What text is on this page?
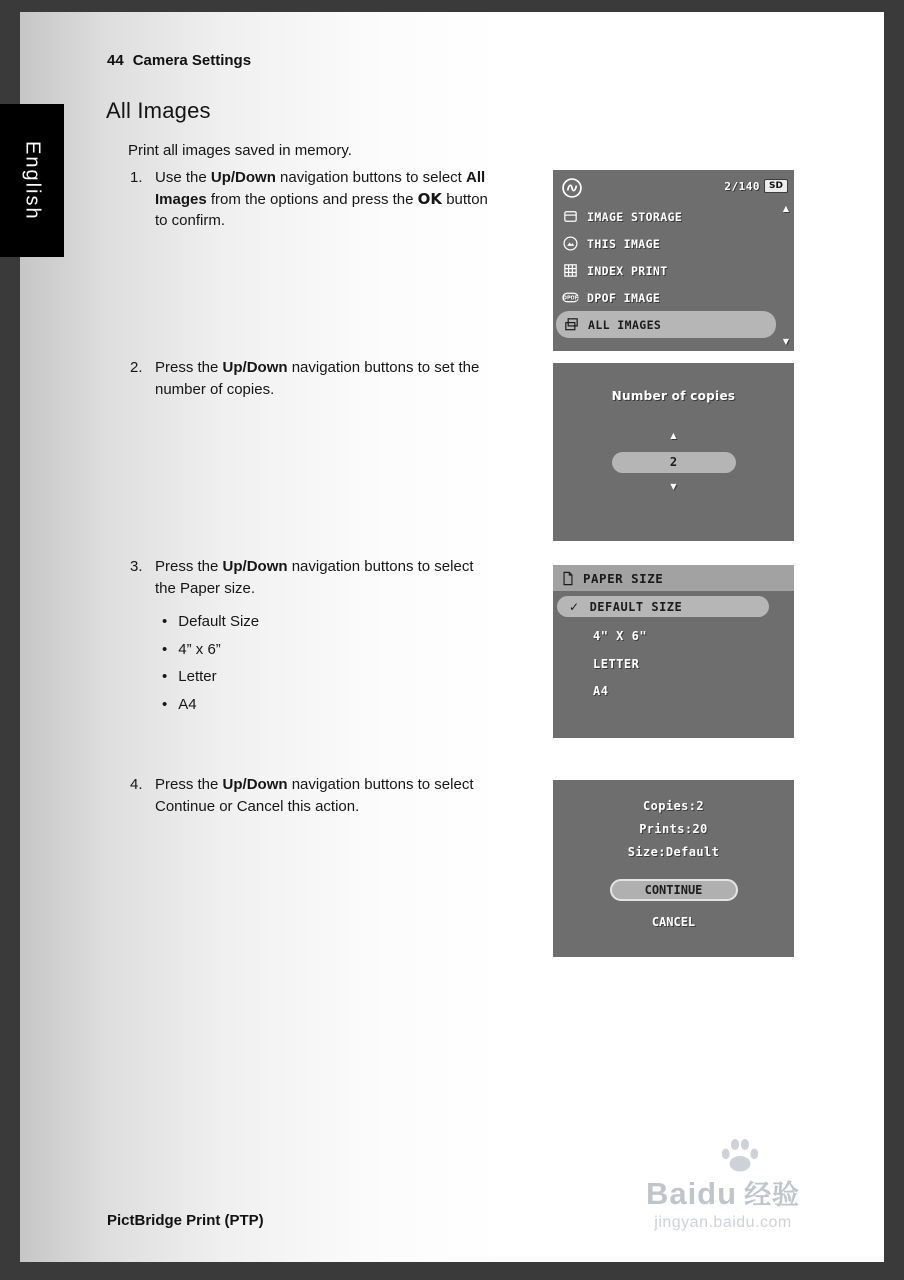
44 Camera Settings
All Images
Print all images saved in memory.
1. Use the Up/Down navigation buttons to select All Images from the options and press the OK button to confirm.
2. Press the Up/Down navigation buttons to set the number of copies.
3. Press the Up/Down navigation buttons to select the Paper size.
• Default Size
• 4” x 6”
• Letter
• A4
4. Press the Up/Down navigation buttons to select Continue or Cancel this action.
2/140	SD
▲
IMAGE STORAGE
THIS IMAGE
INDEX PRINT
DPOF DPOF IMAGE
ALL IMAGES
▼
Number of copies
▲
2
▼
PAPER SIZE
✓ DEFAULT SIZE
4" X 6"
LETTER
A4
Copies:2
Prints:20
Size:Default
CONTINUE
CANCEL
PictBridge Print (PTP)
English
Baidu 经验
jingyan.baidu.com
